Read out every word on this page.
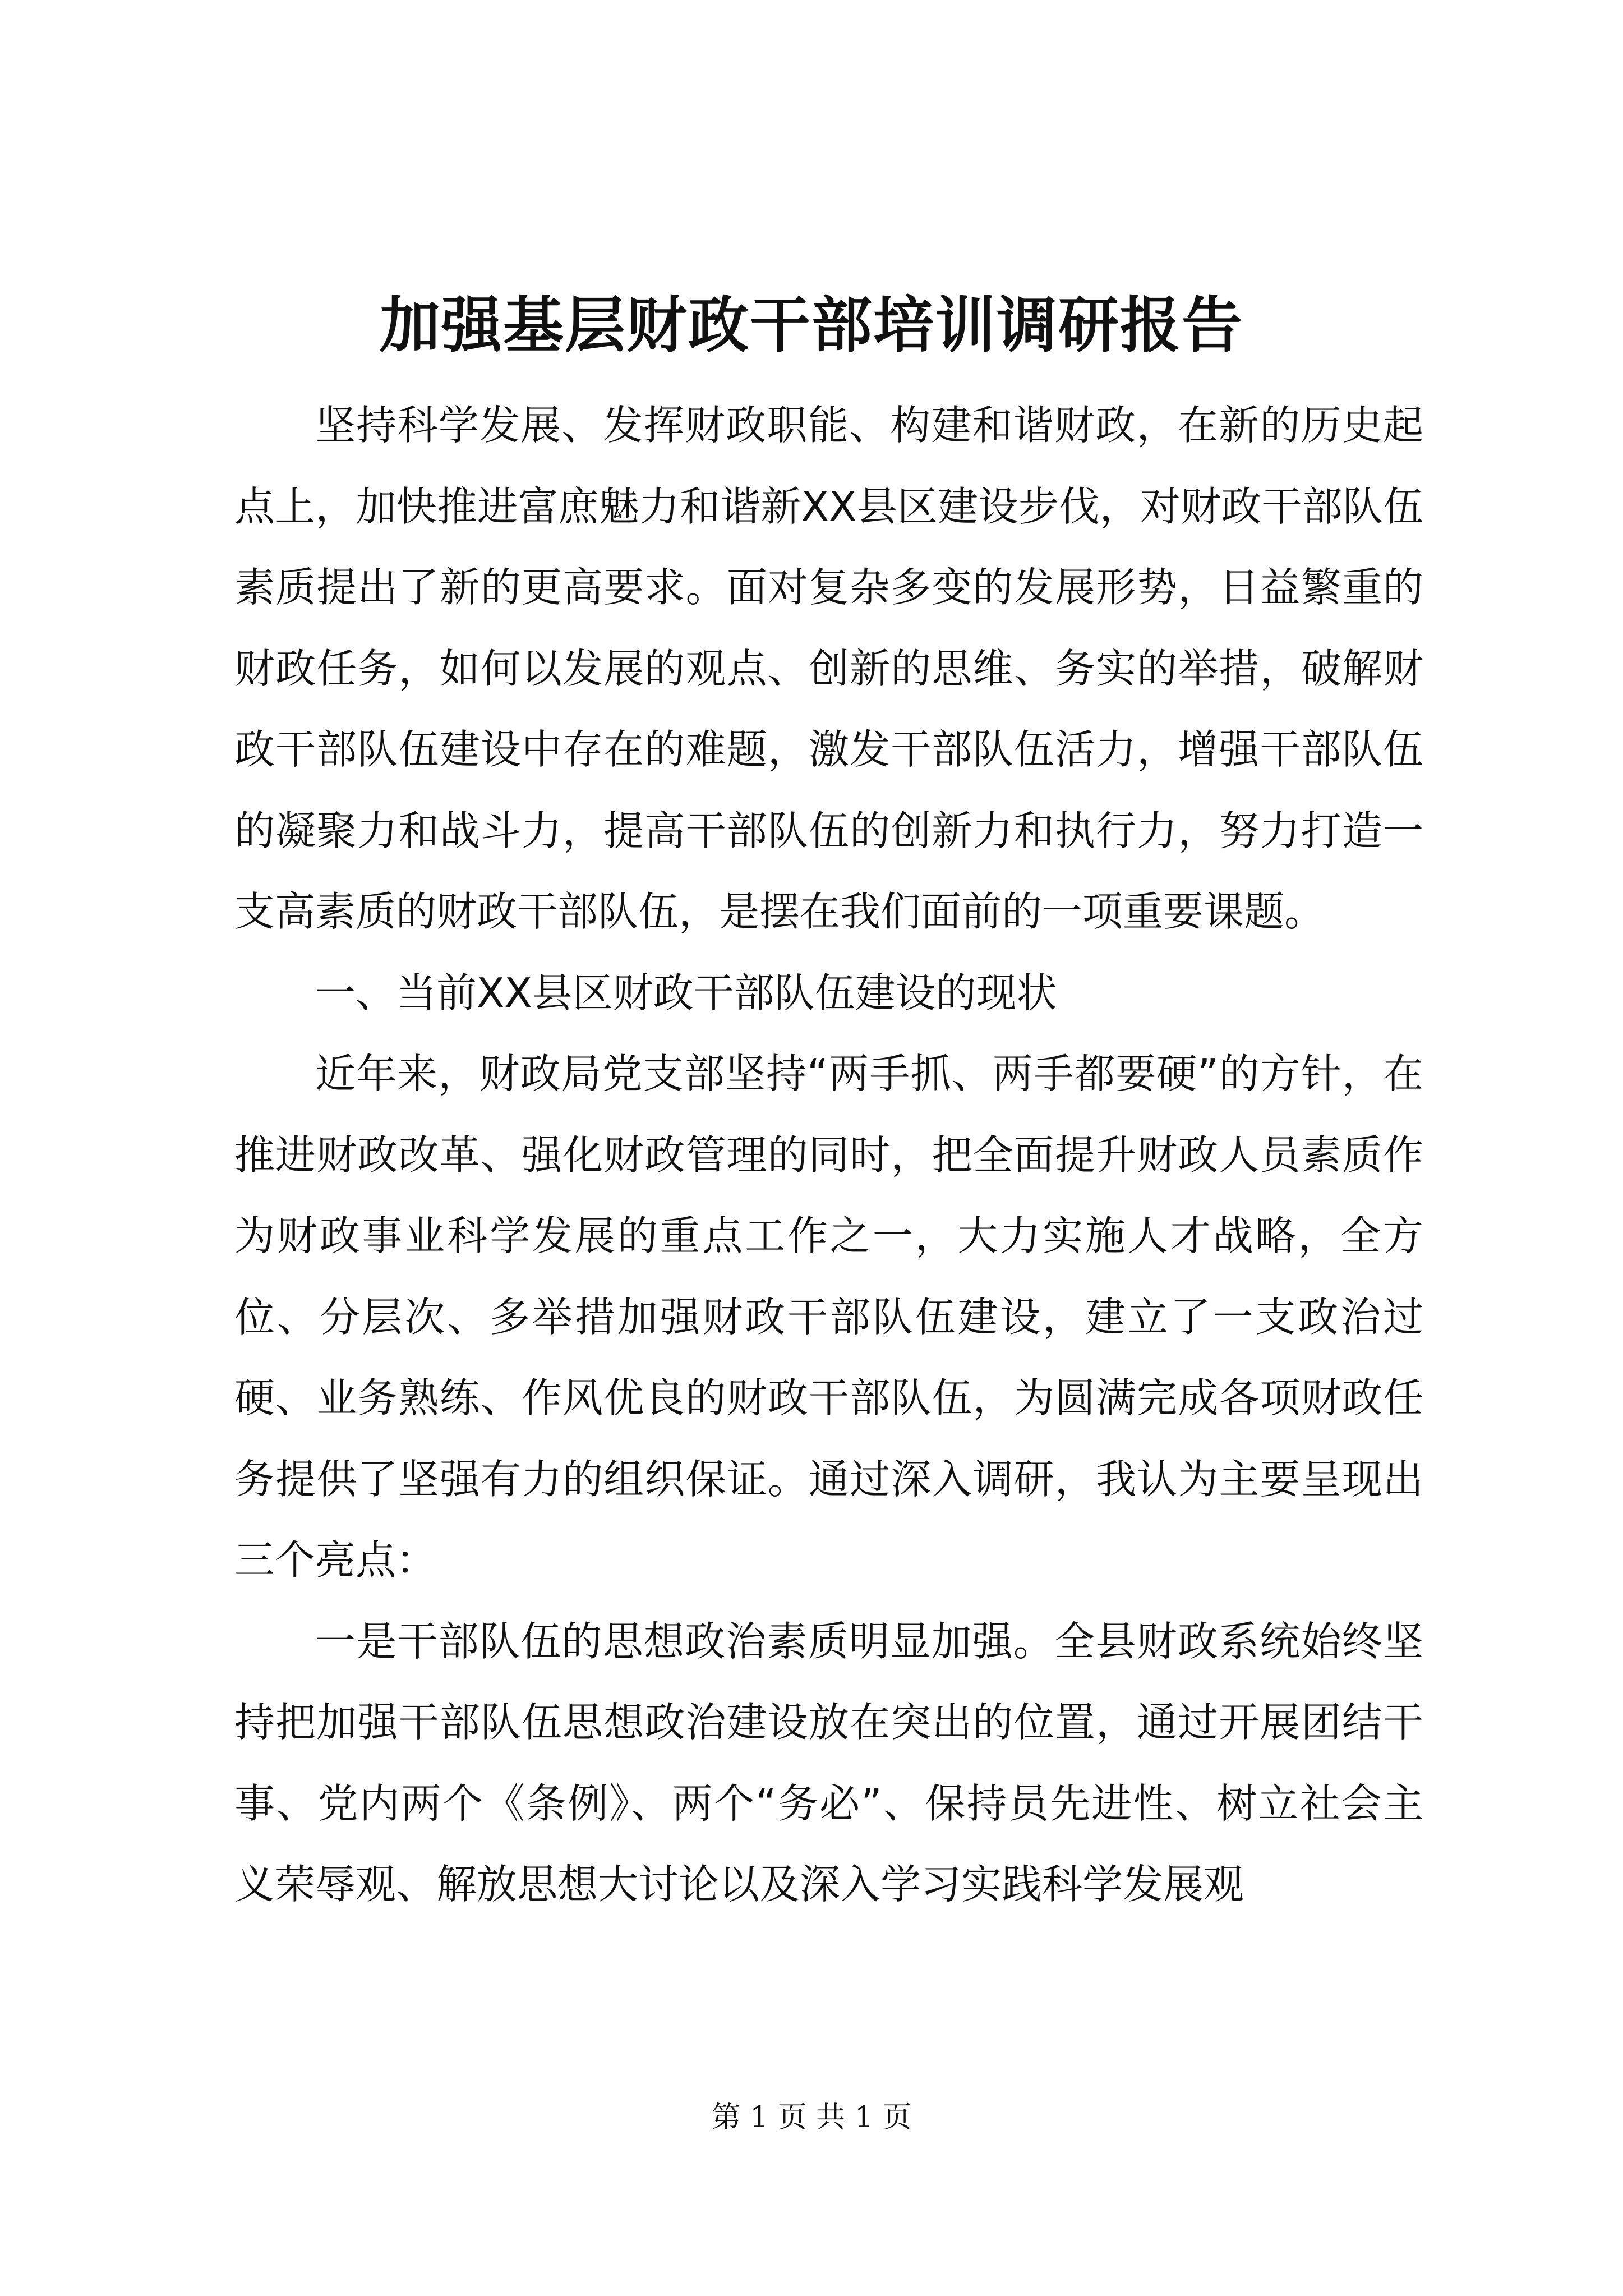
加强基层财政干部培训调研报告

坚持科学发展、发挥财政职能、构建和谐财政，在新的历史起点上，加快推进富庶魅力和谐新XX县区建设步伐，对财政干部队伍素质提出了新的更高要求。面对复杂多变的发展形势，日益繁重的财政任务，如何以发展的观点、创新的思维、务实的举措，破解财政干部队伍建设中存在的难题，激发干部队伍活力，增强干部队伍的凝聚力和战斗力，提高干部队伍的创新力和执行力，努力打造一支高素质的财政干部队伍，是摆在我们面前的一项重要课题。

一、当前XX县区财政干部队伍建设的现状

近年来，财政局党支部坚持“两手抓、两手都要硬”的方针，在推进财政改革、强化财政管理的同时，把全面提升财政人员素质作为财政事业科学发展的重点工作之一，大力实施人才战略，全方位、分层次、多举措加强财政干部队伍建设，建立了一支政治过硬、业务熟练、作风优良的财政干部队伍，为圆满完成各项财政任务提供了坚强有力的组织保证。通过深入调研，我认为主要呈现出三个亮点：

一是干部队伍的思想政治素质明显加强。全县财政系统始终坚持把加强干部队伍思想政治建设放在突出的位置，通过开展团结干事、党内两个《条例》、两个“务必”、保持员先进性、树立社会主义荣辱观、解放思想大讨论以及深入学习实践科学发展观

第 1 页 共 1 页
